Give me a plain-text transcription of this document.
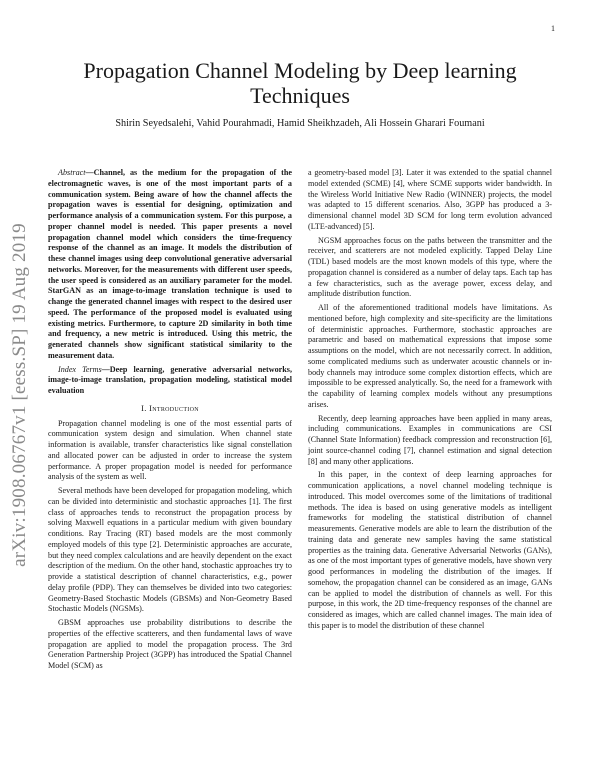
1
arXiv:1908.06767v1 [eess.SP] 19 Aug 2019
Propagation Channel Modeling by Deep learning
Techniques

Shirin Seyedsalehi, Vahid Pourahmadi, Hamid Sheikhzadeh, Ali Hossein Gharari Foumani

Abstract—Channel, as the medium for the propagation of the electromagnetic waves, is one of the most important parts of a communication system. Being aware of how the channel affects the propagation waves is essential for designing, optimization and performance analysis of a communication system. For this purpose, a proper channel model is needed. This paper presents a novel propagation channel model which considers the time-frequency response of the channel as an image. It models the distribution of these channel images using deep convolutional generative adversarial networks. Moreover, for the measurements with different user speeds, the user speed is considered as an auxiliary parameter for the model. StarGAN as an image-to-image translation technique is used to change the generated channel images with respect to the desired user speed. The performance of the proposed model is evaluated using existing metrics. Furthermore, to capture 2D similarity in both time and frequency, a new metric is introduced. Using this metric, the generated channels show significant statistical similarity to the measurement data.

Index Terms—Deep learning, generative adversarial networks, image-to-image translation, propagation modeling, statistical model evaluation

I. Introduction

Propagation channel modeling is one of the most essential parts of communication system design and simulation. When channel state information is available, transfer characteristics like signal constellation and allocated power can be adjusted in order to increase the system performance. A proper propagation model is needed for performance analysis of the system as well.

Several methods have been developed for propagation modeling, which can be divided into deterministic and stochastic approaches [1]. The first class of approaches tends to reconstruct the propagation process by solving Maxwell equations in a particular medium with given boundary conditions. Ray Tracing (RT) based models are the most commonly employed models of this type [2]. Deterministic approaches are accurate, but they need complex calculations and are heavily dependent on the exact description of the medium. On the other hand, stochastic approaches try to provide a statistical description of channel characteristics, e.g., power delay profile (PDP). They can themselves be divided into two categories: Geometry-Based Stochastic Models (GBSMs) and Non-Geometry Based Stochastic Models (NGSMs).

GBSM approaches use probability distributions to describe the properties of the effective scatterers, and then fundamental laws of wave propagation are applied to model the propagation process. The 3rd Generation Partnership Project (3GPP) has introduced the Spatial Channel Model (SCM) as

a geometry-based model [3]. Later it was extended to the spatial channel model extended (SCME) [4], where SCME supports wider bandwidth. In the Wireless World Initiative New Radio (WINNER) projects, the model was adapted to 15 different scenarios. Also, 3GPP has produced a 3-dimensional channel model 3D SCM for long term evolution advanced (LTE-advanced) [5].

NGSM approaches focus on the paths between the transmitter and the receiver, and scatterers are not modeled explicitly. Tapped Delay Line (TDL) based models are the most known models of this type, where the propagation channel is considered as a number of delay taps. Each tap has a few characteristics, such as the average power, excess delay, and amplitude distribution function.

All of the aforementioned traditional models have limitations. As mentioned before, high complexity and site-specificity are the limitations of deterministic approaches. Furthermore, stochastic approaches are parametric and based on mathematical expressions that impose some assumptions on the model, which are not necessarily correct. In addition, some complicated mediums such as underwater acoustic channels or in-body channels may introduce some complex distortion effects, which are impossible to be expressed analytically. So, the need for a framework with the capability of learning complex models without any presumptions arises.

Recently, deep learning approaches have been applied in many areas, including communications. Examples in communications are CSI (Channel State Information) feedback compression and reconstruction [6], joint source-channel coding [7], channel estimation and signal detection [8] and many other applications.

In this paper, in the context of deep learning approaches for communication applications, a novel channel modeling technique is introduced. This model overcomes some of the limitations of traditional methods. The idea is based on using generative models as intelligent frameworks for modeling the statistical distribution of channel measurements. Generative models are able to learn the distribution of the training data and generate new samples having the same statistical properties as the training data. Generative Adversarial Networks (GANs), as one of the most important types of generative models, have shown very good performances in modeling the distribution of the images. If somehow, the propagation channel can be considered as an image, GANs can be applied to model the distribution of channels as well. For this purpose, in this work, the 2D time-frequency responses of the channel are considered as images, which are called channel images. The main idea of this paper is to model the distribution of these channel
